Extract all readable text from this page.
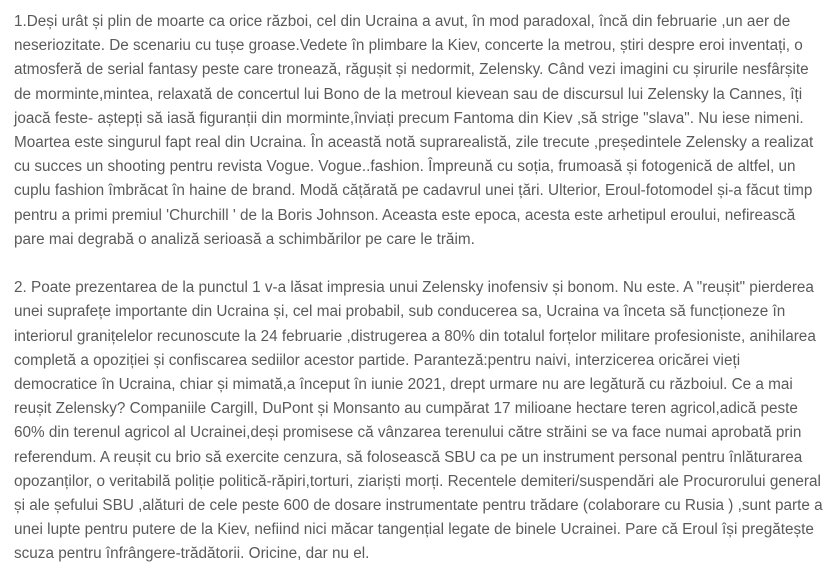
1.Deși urât și plin de moarte ca orice război, cel din Ucraina a avut, în mod paradoxal, încă din februarie ,un aer de neseriozitate. De scenariu cu tușe groase.Vedete în plimbare la Kiev, concerte la metrou, știri despre eroi inventați, o atmosferă de serial fantasy peste care tronează, răgușit și nedormit, Zelensky. Când vezi imagini cu șirurile nesfârșite de morminte,mintea, relaxată de concertul lui Bono de la metroul kievean sau de discursul lui Zelensky la Cannes, îți joacă feste- aștepți să iasă figuranții din morminte,înviați precum Fantoma din Kiev ,să strige "slava". Nu iese nimeni. Moartea este singurul fapt real din Ucraina. În această notă suprarealistă, zile trecute ,președintele Zelensky a realizat cu succes un shooting pentru revista Vogue. Vogue..fashion. Împreună cu soția, frumoasă și fotogenică de altfel, un cuplu fashion îmbrăcat în haine de brand. Modă cățărată pe cadavrul unei țări. Ulterior, Eroul-fotomodel și-a făcut timp pentru a primi premiul 'Churchill ' de la Boris Johnson. Aceasta este epoca, acesta este arhetipul eroului, nefirească pare mai degrabă o analiză serioasă a schimbărilor pe care le trăim.

2. Poate prezentarea de la punctul 1 v-a lăsat impresia unui Zelensky inofensiv și bonom. Nu este. A "reușit" pierderea unei suprafețe importante din Ucraina și, cel mai probabil, sub conducerea sa, Ucraina va înceta să funcționeze în interiorul granițelelor recunoscute la 24 februarie ,distrugerea a 80% din totalul forțelor militare profesioniste, anihilarea completă a opoziției și confiscarea sediilor acestor partide. Paranteză:pentru naivi, interzicerea oricărei vieți democratice în Ucraina, chiar și mimată,a început în iunie 2021, drept urmare nu are legătură cu războiul. Ce a mai reușit Zelensky? Companiile Cargill, DuPont și Monsanto au cumpărat 17 milioane hectare teren agricol,adică peste 60% din terenul agricol al Ucrainei,deși promisese că vânzarea terenului către străini se va face numai aprobată prin referendum. A reușit cu brio să exercite cenzura, să folosească SBU ca pe un instrument personal pentru înlăturarea opozanților, o veritabilă poliție politică-răpiri,torturi, ziariști morți. Recentele demiteri/suspendări ale Procurorului general și ale șefului SBU ,alături de cele peste 600 de dosare instrumentate pentru trădare (colaborare cu Rusia ) ,sunt parte a unei lupte pentru putere de la Kiev, nefiind nici măcar tangențial legate de binele Ucrainei. Pare că Eroul își pregătește scuza pentru înfrângere-trădătorii. Oricine, dar nu el.
